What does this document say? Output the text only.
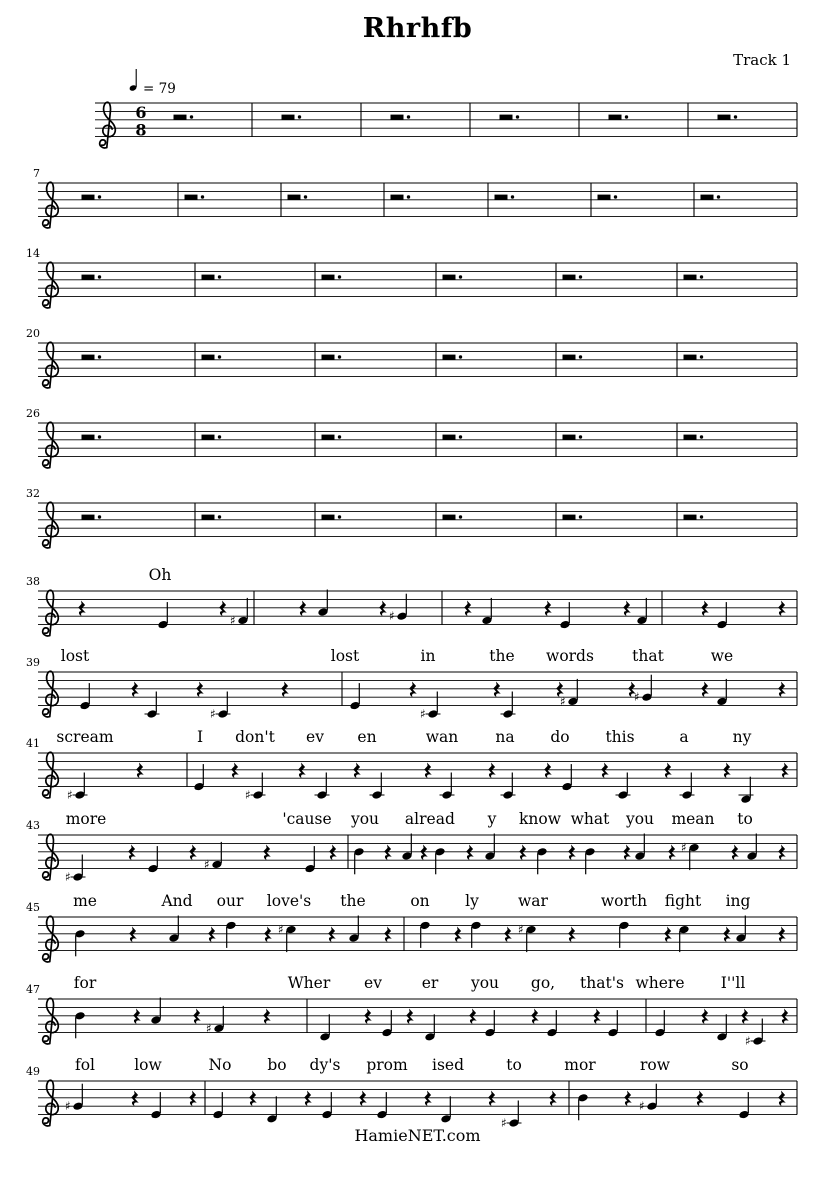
Rhrhfb
Track 1
6
8
= 79
7
14
20
26
32
38
♯	♯
Oh
39
♯	♯
♯	♯
lost	lost	in	the words that	we
41
♯	♯
scream	I don't ev en	wan na do this	a	ny
43
♯
♯
♯
more	'cause you al read y know what you mean to
45
♯	♯
me	And our love's the	on ly	war	worth fight ing
47
♯
♯
for	Wher ev	er you go, that's where I''ll
49
♯
♯
♯
fol	low	No bo dy's prom ised	to	mor	row	so
HamieNET.com
